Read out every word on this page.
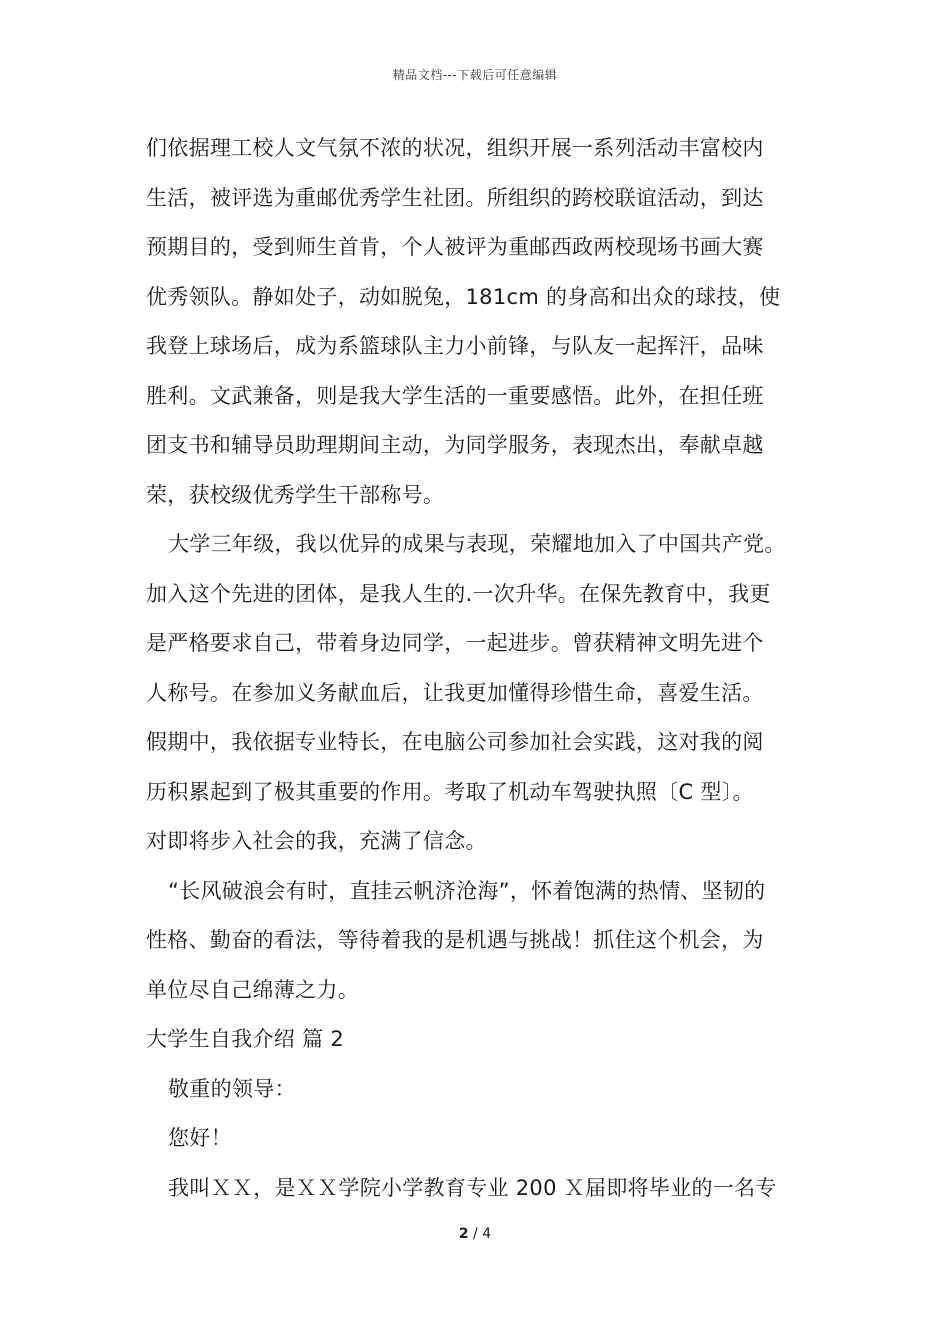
精品文档---下载后可任意编辑
们依据理工校人文气氛不浓的状况，组织开展一系列活动丰富校内
生活，被评选为重邮优秀学生社团。所组织的跨校联谊活动，到达
预期目的，受到师生首肯，个人被评为重邮西政两校现场书画大赛
优秀领队。静如处子，动如脱兔，181cm 的身高和出众的球技，使
我登上球场后，成为系篮球队主力小前锋，与队友一起挥汗，品味
胜利。文武兼备，则是我大学生活的一重要感悟。此外，在担任班
团支书和辅导员助理期间主动，为同学服务，表现杰出，奉献卓越
荣，获校级优秀学生干部称号。
大学三年级，我以优异的成果与表现，荣耀地加入了中国共产党。
加入这个先进的团体，是我人生的.一次升华。在保先教育中，我更
是严格要求自己，带着身边同学，一起进步。曾获精神文明先进个
人称号。在参加义务献血后，让我更加懂得珍惜生命，喜爱生活。
假期中，我依据专业特长，在电脑公司参加社会实践，这对我的阅
历积累起到了极其重要的作用。考取了机动车驾驶执照〔C 型〕。
对即将步入社会的我，充满了信念。
“长风破浪会有时，直挂云帆济沧海”，怀着饱满的热情、坚韧的
性格、勤奋的看法，等待着我的是机遇与挑战！抓住这个机会，为
单位尽自己绵薄之力。
大学生自我介绍 篇 2
敬重的领导：
您好！
我叫ＸＸ，是ＸＸ学院小学教育专业 200 Ｘ届即将毕业的一名专
2 / 4
